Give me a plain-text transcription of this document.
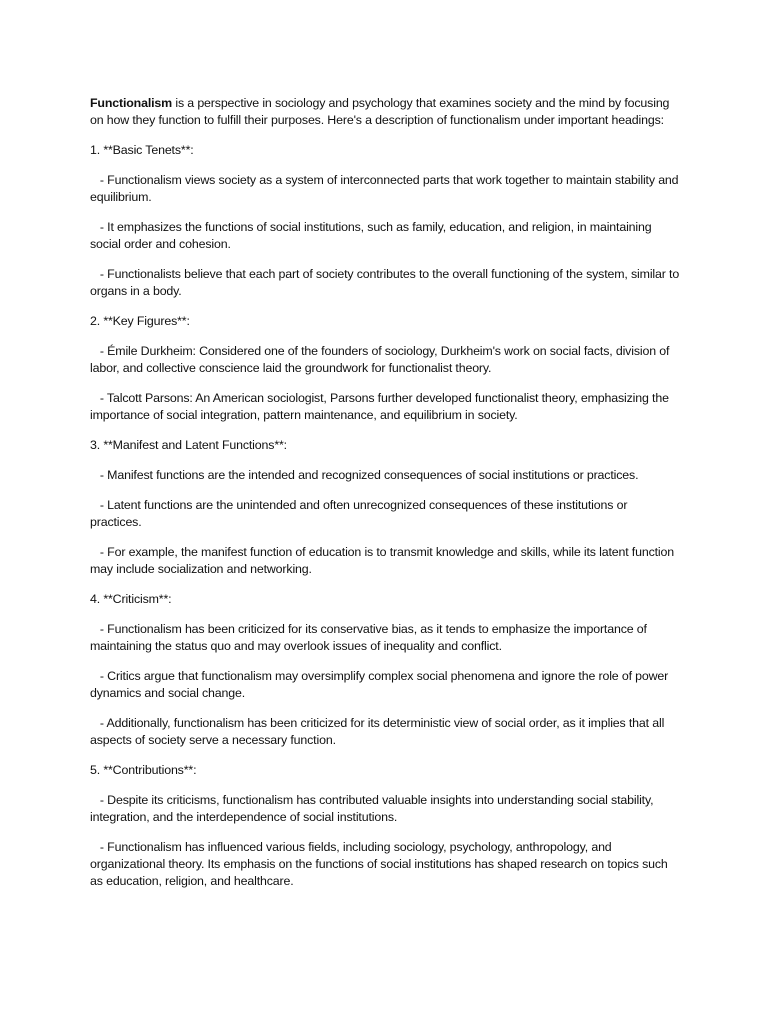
Functionalism is a perspective in sociology and psychology that examines society and the mind by focusing on how they function to fulfill their purposes. Here's a description of functionalism under important headings:

1. **Basic Tenets**:

- Functionalism views society as a system of interconnected parts that work together to maintain stability and equilibrium.

- It emphasizes the functions of social institutions, such as family, education, and religion, in maintaining social order and cohesion.

- Functionalists believe that each part of society contributes to the overall functioning of the system, similar to organs in a body.

2. **Key Figures**:

- Émile Durkheim: Considered one of the founders of sociology, Durkheim's work on social facts, division of labor, and collective conscience laid the groundwork for functionalist theory.

- Talcott Parsons: An American sociologist, Parsons further developed functionalist theory, emphasizing the importance of social integration, pattern maintenance, and equilibrium in society.

3. **Manifest and Latent Functions**:

- Manifest functions are the intended and recognized consequences of social institutions or practices.

- Latent functions are the unintended and often unrecognized consequences of these institutions or practices.

- For example, the manifest function of education is to transmit knowledge and skills, while its latent function may include socialization and networking.

4. **Criticism**:

- Functionalism has been criticized for its conservative bias, as it tends to emphasize the importance of maintaining the status quo and may overlook issues of inequality and conflict.

- Critics argue that functionalism may oversimplify complex social phenomena and ignore the role of power dynamics and social change.

- Additionally, functionalism has been criticized for its deterministic view of social order, as it implies that all aspects of society serve a necessary function.

5. **Contributions**:

- Despite its criticisms, functionalism has contributed valuable insights into understanding social stability, integration, and the interdependence of social institutions.

- Functionalism has influenced various fields, including sociology, psychology, anthropology, and organizational theory. Its emphasis on the functions of social institutions has shaped research on topics such as education, religion, and healthcare.
